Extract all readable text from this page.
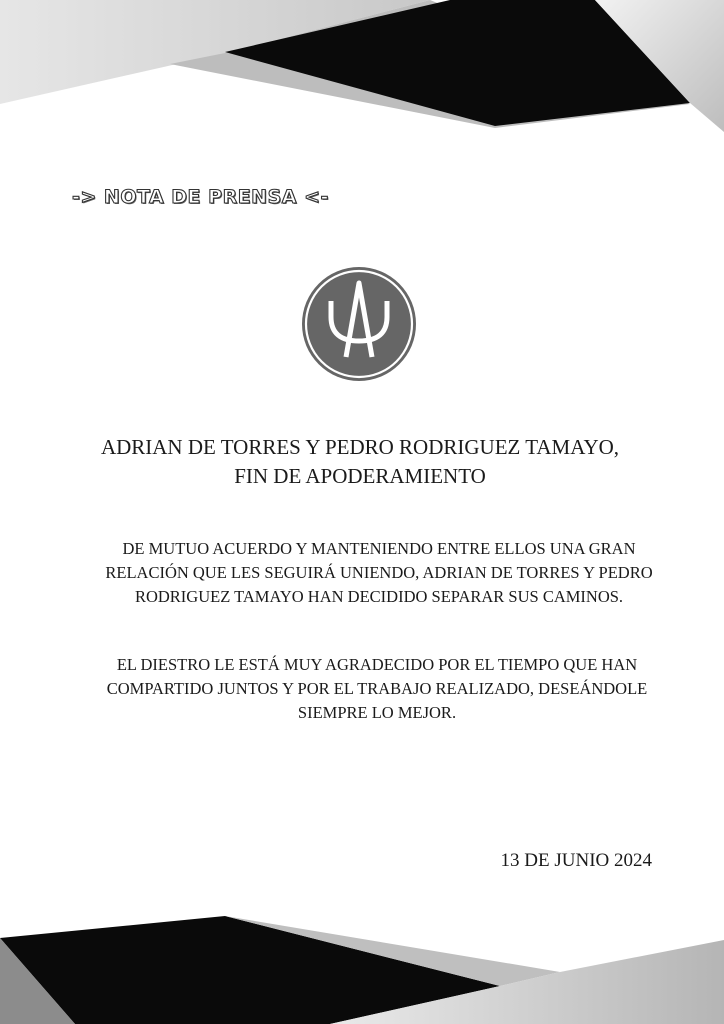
-> NOTA DE PRENSA <-
ADRIAN DE TORRES Y PEDRO RODRIGUEZ TAMAYO,
FIN DE APODERAMIENTO
DE MUTUO ACUERDO Y MANTENIENDO ENTRE ELLOS UNA GRAN RELACIÓN QUE LES SEGUIRÁ UNIENDO, ADRIAN DE TORRES Y PEDRO RODRIGUEZ TAMAYO HAN DECIDIDO SEPARAR SUS CAMINOS.
EL DIESTRO LE ESTÁ MUY AGRADECIDO POR EL TIEMPO QUE HAN COMPARTIDO JUNTOS Y POR EL TRABAJO REALIZADO, DESEÁNDOLE SIEMPRE LO MEJOR.
13 DE JUNIO 2024
